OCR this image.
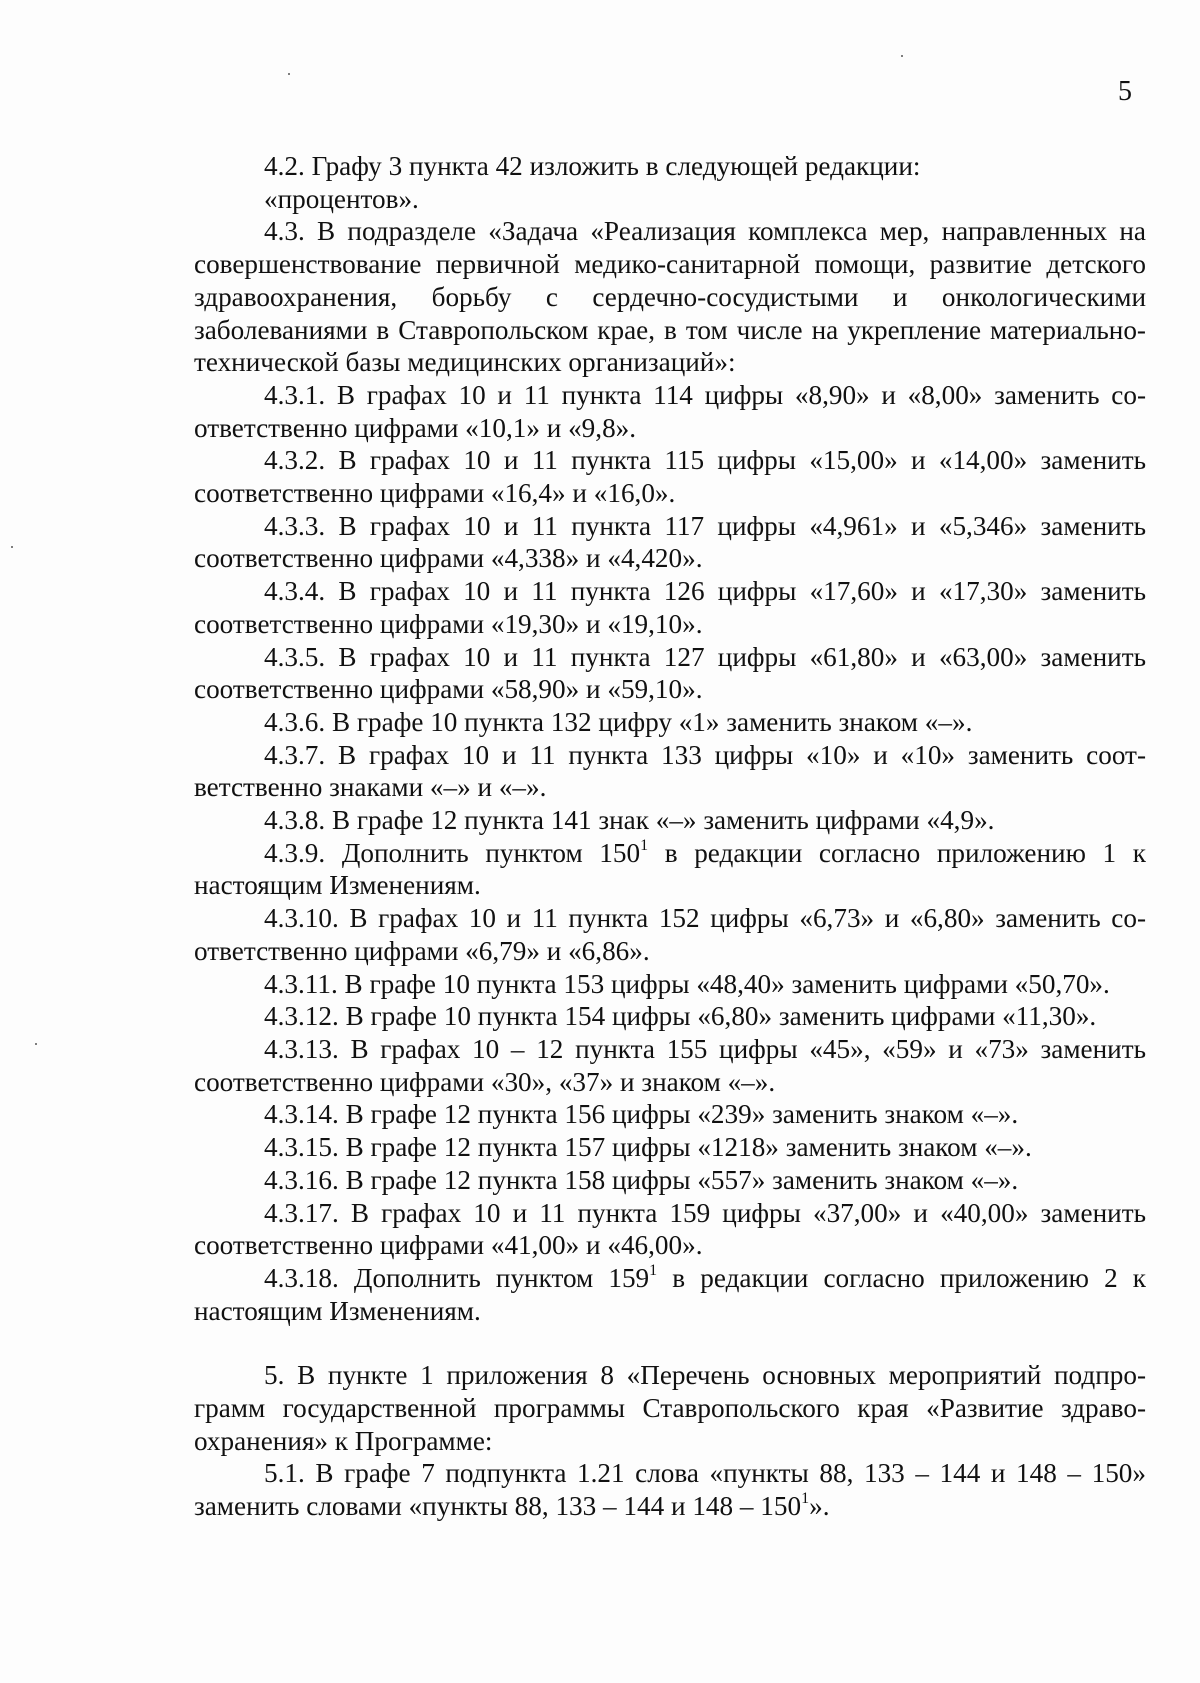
5

4.2. Графу 3 пункта 42 изложить в следующей редакции:

«процентов».

4.3. В подразделе «Задача «Реализация комплекса мер, направленных на совершенствование первичной медико-санитарной помощи, развитие детского здравоохранения, борьбу с сердечно-сосудистыми и онкологическими заболеваниями в Ставропольском крае, в том числе на укрепление материально-технической базы медицинских организаций»:

4.3.1. В графах 10 и 11 пункта 114 цифры «8,90» и «8,00» заменить соответственно цифрами «10,1» и «9,8».

4.3.2. В графах 10 и 11 пункта 115 цифры «15,00» и «14,00» заменить соответственно цифрами «16,4» и «16,0».

4.3.3. В графах 10 и 11 пункта 117 цифры «4,961» и «5,346» заменить соответственно цифрами «4,338» и «4,420».

4.3.4. В графах 10 и 11 пункта 126 цифры «17,60» и «17,30» заменить соответственно цифрами «19,30» и «19,10».

4.3.5. В графах 10 и 11 пункта 127 цифры «61,80» и «63,00» заменить соответственно цифрами «58,90» и «59,10».

4.3.6. В графе 10 пункта 132 цифру «1» заменить знаком «–».

4.3.7. В графах 10 и 11 пункта 133 цифры «10» и «10» заменить соответственно знаками «–» и «–».

4.3.8. В графе 12 пункта 141 знак «–» заменить цифрами «4,9».

4.3.9. Дополнить пунктом $150^1$ в редакции согласно приложению 1 к настоящим Изменениям.

4.3.10. В графах 10 и 11 пункта 152 цифры «6,73» и «6,80» заменить соответственно цифрами «6,79» и «6,86».

4.3.11. В графе 10 пункта 153 цифры «48,40» заменить цифрами «50,70».

4.3.12. В графе 10 пункта 154 цифры «6,80» заменить цифрами «11,30».

4.3.13. В графах 10 – 12 пункта 155 цифры «45», «59» и «73» заменить соответственно цифрами «30», «37» и знаком «–».

4.3.14. В графе 12 пункта 156 цифры «239» заменить знаком «–».

4.3.15. В графе 12 пункта 157 цифры «1218» заменить знаком «–».

4.3.16. В графе 12 пункта 158 цифры «557» заменить знаком «–».

4.3.17. В графах 10 и 11 пункта 159 цифры «37,00» и «40,00» заменить соответственно цифрами «41,00» и «46,00».

4.3.18. Дополнить пунктом $159^1$ в редакции согласно приложению 2 к настоящим Изменениям.

5. В пункте 1 приложения 8 «Перечень основных мероприятий подпрограмм государственной программы Ставропольского края «Развитие здравоохранения» к Программе:

5.1. В графе 7 подпункта 1.21 слова «пункты 88, 133 – 144 и 148 – 150» заменить словами «пункты 88, 133 – 144 и $148 - 150^1$».
